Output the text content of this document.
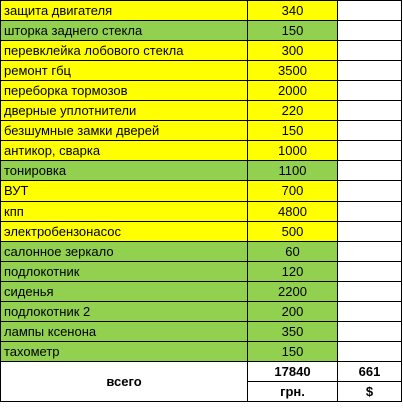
защита двигателя	340	
шторка заднего стекла	150	
перевклейка лобового стекла	300	
ремонт гбц	3500	
переборка тормозов	2000	
дверные уплотнители	220	
безшумные замки дверей	150	
антикор, сварка	1000	
тонировка	1100	
ВУТ	700	
кпп	4800	
электробензонасос	500	
салонное зеркало	60	
подлокотник	120	
сиденья	2200	
подлокотник 2	200	
лампы ксенона	350	
тахометр	150	
всего	17840	661
	грн.	$
